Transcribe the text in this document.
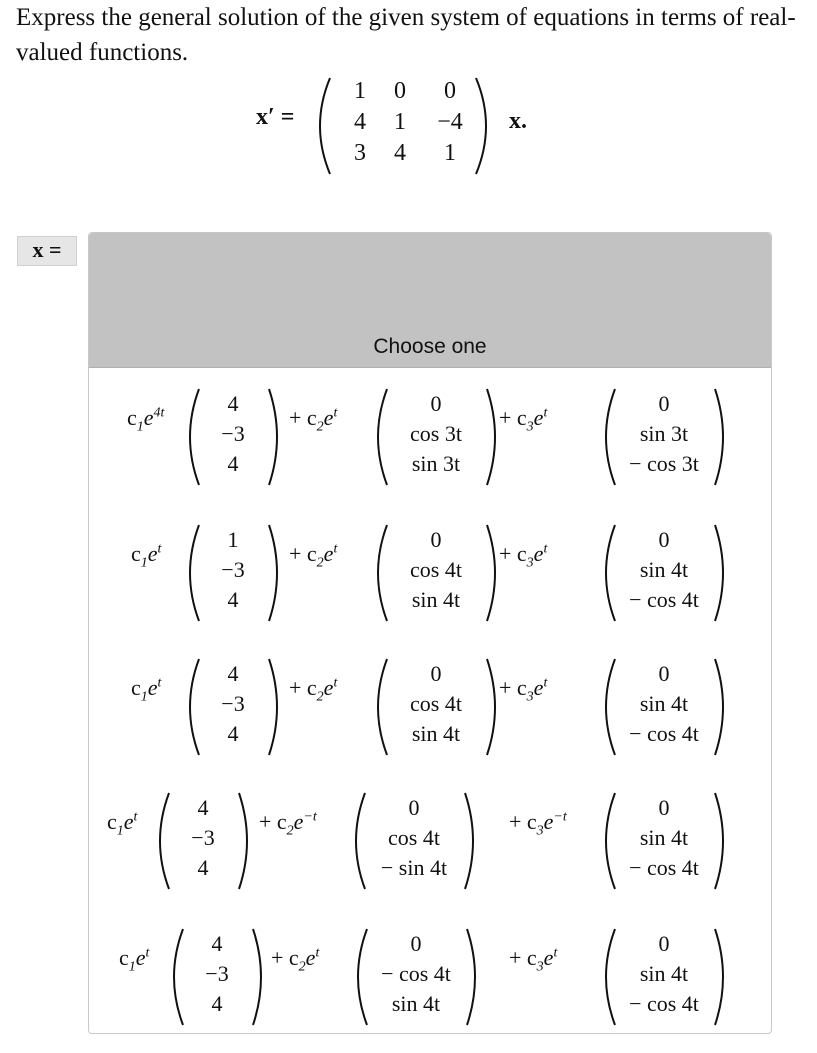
Express the general solution of the given system of equations in terms of real-valued functions.
x′ =
1	0	0
4	1	−4
3	4	1
x.
x =
Choose one
$c_1e^{4t}$	4
−3
4
+ $c_2e^t$	0
cos 3t
sin 3t
+ $c_3e^t$	0
sin 3t
− cos 3t
$c_1e^t$	1
−3
4
+ $c_2e^t$	0
cos 4t
sin 4t
+ $c_3e^t$	0
sin 4t
− cos 4t
$c_1e^t$	4
−3
4
+ $c_2e^t$	0
cos 4t
sin 4t
+ $c_3e^t$	0
sin 4t
− cos 4t
$c_1e^t$	4
−3
4
+ $c_2e^{-t}$	0
cos 4t
− sin 4t
+ $c_3e^{-t}$	0
sin 4t
− cos 4t
$c_1e^t$	4
−3
4
+ $c_2e^t$	0
− cos 4t
sin 4t
+ $c_3e^t$	0
sin 4t
− cos 4t
